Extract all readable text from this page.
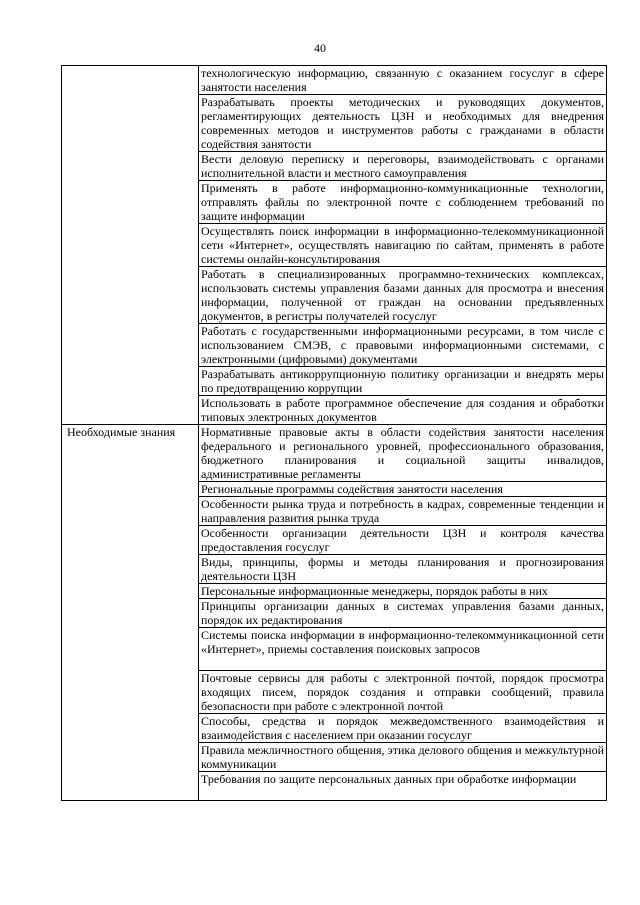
40
	технологическую информацию, связанную с оказанием госуслуг в сфере занятости населения
	Разрабатывать проекты методических и руководящих документов, регламентирующих деятельность ЦЗН и необходимых для внедрения современных методов и инструментов работы с гражданами в области содействия занятости
	Вести деловую переписку и переговоры, взаимодействовать с органами исполнительной власти и местного самоуправления
	Применять в работе информационно-коммуникационные технологии, отправлять файлы по электронной почте с соблюдением требований по защите информации
	Осуществлять поиск информации в информационно-телекоммуникационной сети «Интернет», осуществлять навигацию по сайтам, применять в работе системы онлайн-консультирования
	Работать в специализированных программно-технических комплексах, использовать системы управления базами данных для просмотра и внесения информации, полученной от граждан на основании предъявленных документов, в регистры получателей госуслуг
	Работать с государственными информационными ресурсами, в том числе с использованием СМЭВ, с правовыми информационными системами, с электронными (цифровыми) документами
	Разрабатывать антикоррупционную политику организации и внедрять меры по предотвращению коррупции
	Использовать в работе программное обеспечение для создания и обработки типовых электронных документов

Необходимые знания	Нормативные правовые акты в области содействия занятости населения федерального и регионального уровней, профессионального образования, бюджетного планирования и социальной защиты инвалидов, административные регламенты
	Региональные программы содействия занятости населения
	Особенности рынка труда и потребность в кадрах, современные тенденции и направления развития рынка труда
	Особенности организации деятельности ЦЗН и контроля качества предоставления госуслуг
	Виды, принципы, формы и методы планирования и прогнозирования деятельности ЦЗН
	Персональные информационные менеджеры, порядок работы в них
	Принципы организации данных в системах управления базами данных, порядок их редактирования
	Системы поиска информации в информационно-телекоммуникационной сети «Интернет», приемы составления поисковых запросов
	Почтовые сервисы для работы с электронной почтой, порядок просмотра входящих писем, порядок создания и отправки сообщений, правила безопасности при работе с электронной почтой
	Способы, средства и порядок межведомственного взаимодействия и взаимодействия с населением при оказании госуслуг
	Правила межличностного общения, этика делового общения и межкультурной коммуникации
	Требования по защите персональных данных при обработке информации
